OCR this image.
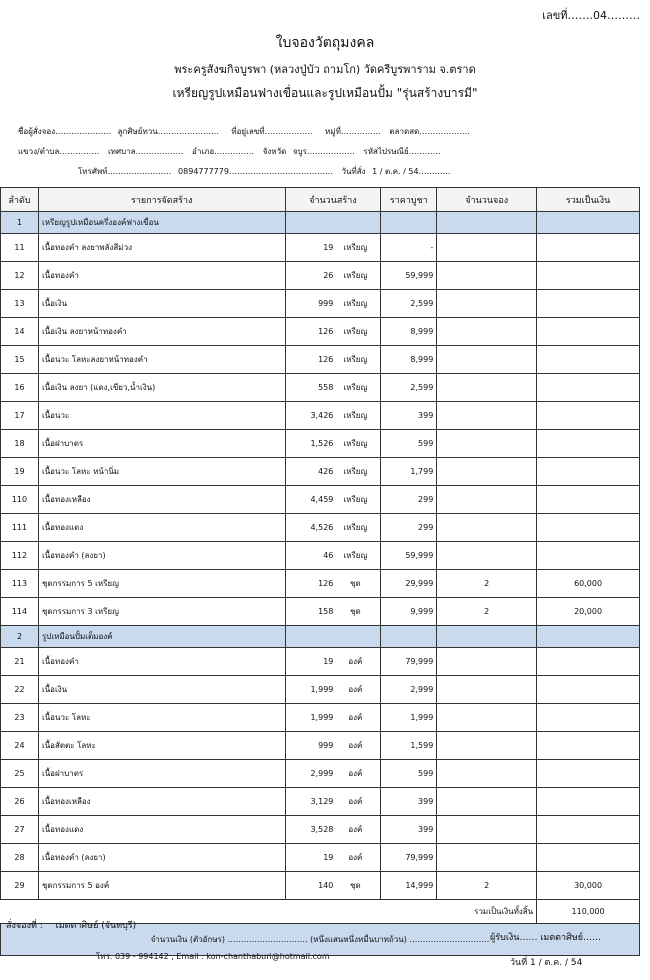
เลขที่…….04………
ใบจองวัตถุมงคล
พระครูสังฆกิจบูรพา (หลวงปู่บัว ถามโก) วัดครีบูรพาราม จ.ตราด
เหรียญรูปเหมือนฟางเขื่อนและรูปเหมือนปั้ม "รุ่นสร้างบารมี"
ชื่อผู้สั่งจอง………………… ลูกศิษย์ทวน………………….. ที่อยู่เลขที่……………… หมู่ที่…………… ตลาดสด……………….
แขวง/ตำบล…………… เทศบาล……………… อำเภอ…………… จังหวัด จบูร……………… รหัสไปรษณีย์…………
โทรศัพท์…………………… 0894777779………………………………… วันที่สั่ง 1 / ต.ค. / 54…………
ลำดับ	รายการจัดสร้าง	จำนวนสร้าง	ราคาบูชา	จำนวนจอง	รวมเป็นเงิน
1	เหรียญรูปเหมือนครึ่งองค์ฟางเขื่อน				
11	เนื้อทองคำ ลงยาพลังสีม่วง	19 เหรียญ	-		
12	เนื้อทองคำ	26 เหรียญ	59,999		
13	เนื้อเงิน	999 เหรียญ	2,599		
14	เนื้อเงิน ลงยาหน้าทองคำ	126 เหรียญ	8,999		
15	เนื้อนวะ โลหะลงยาหน้าทองคำ	126 เหรียญ	8,999		
16	เนื้อเงิน ลงยา (แดง,เขียว,น้ำเงิน)	558 เหรียญ	2,599		
17	เนื้อนวะ	3,426 เหรียญ	399		
18	เนื้อฝาบาตร	1,526 เหรียญ	599		
19	เนื้อนวะ โลหะ หน้านิ่ม	426 เหรียญ	1,799		
110	เนื้อทองเหลือง	4,459 เหรียญ	299		
111	เนื้อทองแดง	4,526 เหรียญ	299		
112	เนื้อทองคำ (ลงยา)	46 เหรียญ	59,999		
113	ชุดกรรมการ 5 เหรียญ	126 ชุด	29,999	2	60,000
114	ชุดกรรมการ 3 เหรียญ	158 ชุด	9,999	2	20,000
2	รูปเหมือนปั้มเต็มองค์				
21	เนื้อทองคำ	19 องค์	79,999		
22	เนื้อเงิน	1,999 องค์	2,999		
23	เนื้อนวะ โลหะ	1,999 องค์	1,999		
24	เนื้อสัตตะ โลหะ	999 องค์	1,599		
25	เนื้อฝาบาตร	2,999 องค์	599		
26	เนื้อทองเหลือง	3,129 องค์	399		
27	เนื้อทองแดง	3,528 องค์	399		
28	เนื้อทองคำ (ลงยา)	19 องค์	79,999		
29	ชุดกรรมการ 5 องค์	140 ชุด	14,999	2	30,000
			รวมเป็นเงินทั้งสิ้น		110,000
จำนวนเงิน (ตัวอักษร) ………………………… (หนึ่งแสนหนึ่งหมื่นบาทถ้วน) …………………………					
สั่งจองที่ : เมตตาศิษย์ (จันทบุรี)
โทร. 039 - 994142 , Email : kon-chanthaburi@hotmail.com
ผู้รับเงิน…… เมตตาศิษย์……
วันที่ 1 / ต.ค. / 54
